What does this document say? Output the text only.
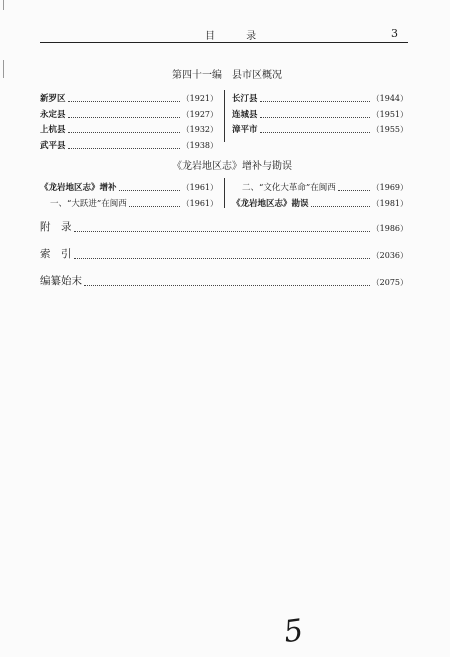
目 录	3
第四十一编　县市区概况
新罗区	（1921）
永定县	（1927）
上杭县	（1932）
武平县	（1938）
长汀县	（1944）
连城县	（1951）
漳平市	（1955）
《龙岩地区志》增补与勘误
《龙岩地区志》增补	（1961）
一、“大跃进”在闽西	（1961）
二、“文化大革命”在闽西	（1969）
《龙岩地区志》勘误	（1981）
附　录	（1986）
索　引	（2036）
编纂始末	（2075）
5
